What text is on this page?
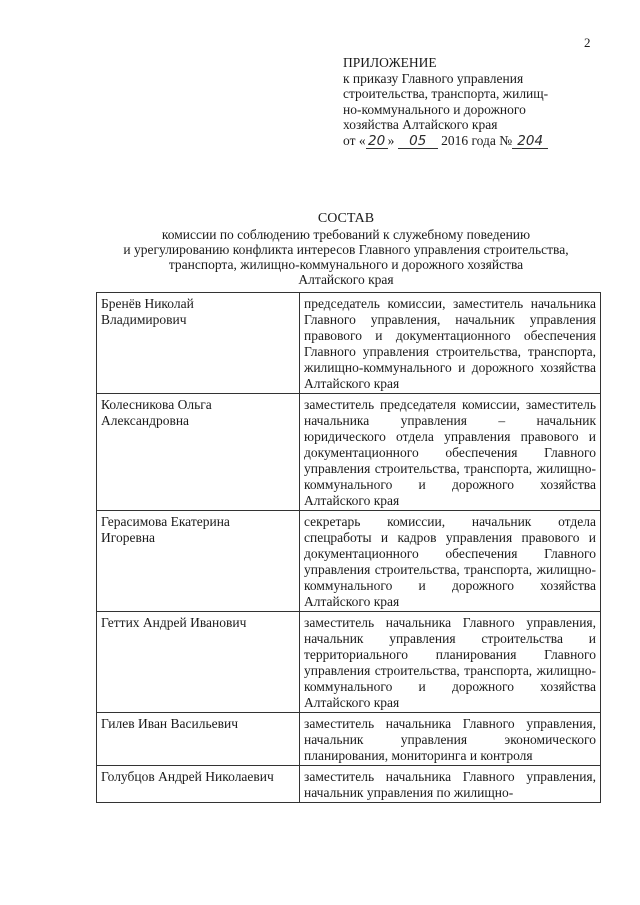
2
ПРИЛОЖЕНИЕ
к приказу Главного управления
строительства, транспорта, жилищ-
но-коммунального и дорожного
хозяйства Алтайского края
от « 20 » 05 2016 года № 204
СОСТАВ
комиссии по соблюдению требований к служебному поведению
и урегулированию конфликта интересов Главного управления строительства,
транспорта, жилищно-коммунального и дорожного хозяйства
Алтайского края
Бренёв Николай
Владимирович	председатель комиссии, заместитель начальника Главного управления, начальник управления правового и документационного обеспечения Главного управления строительства, транспорта, жилищно-коммунального и дорожного хозяйства Алтайского края

Колесникова Ольга
Александровна	заместитель председателя комиссии, заместитель начальника управления – начальник юридического отдела управления правового и документационного обеспечения Главного управления строительства, транспорта, жилищно-коммунального и дорожного хозяйства Алтайского края

Герасимова Екатерина
Игоревна	секретарь комиссии, начальник отдела спецработы и кадров управления правового и документационного обеспечения Главного управления строительства, транспорта, жилищно-коммунального и дорожного хозяйства Алтайского края

Геттих Андрей Иванович	заместитель начальника Главного управления, начальник управления строительства и территориального планирования Главного управления строительства, транспорта, жилищно-коммунального и дорожного хозяйства Алтайского края

Гилев Иван Васильевич	заместитель начальника Главного управления, начальник управления экономического планирования, мониторинга и контроля

Голубцов Андрей Николаевич	заместитель начальника Главного управления, начальник управления по жилищно-
